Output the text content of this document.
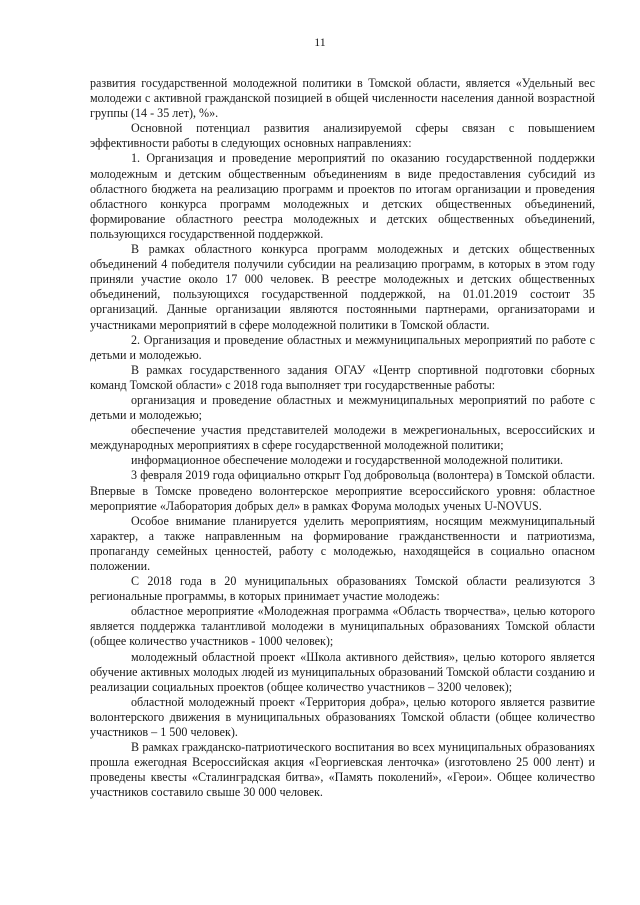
11

развития государственной молодежной политики в Томской области, является «Удельный вес молодежи с активной гражданской позицией в общей численности населения данной возрастной группы (14 - 35 лет), %».

Основной потенциал развития анализируемой сферы связан с повышением эффективности работы в следующих основных направлениях:

1. Организация и проведение мероприятий по оказанию государственной поддержки молодежным и детским общественным объединениям в виде предоставления субсидий из областного бюджета на реализацию программ и проектов по итогам организации и проведения областного конкурса программ молодежных и детских общественных объединений, формирование областного реестра молодежных и детских общественных объединений, пользующихся государственной поддержкой.

В рамках областного конкурса программ молодежных и детских общественных объединений 4 победителя получили субсидии на реализацию программ, в которых в этом году приняли участие около 17 000 человек. В реестре молодежных и детских общественных объединений, пользующихся государственной поддержкой, на 01.01.2019 состоит 35 организаций. Данные организации являются постоянными партнерами, организаторами и участниками мероприятий в сфере молодежной политики в Томской области.

2. Организация и проведение областных и межмуниципальных мероприятий по работе с детьми и молодежью.

В рамках государственного задания ОГАУ «Центр спортивной подготовки сборных команд Томской области» с 2018 года выполняет три государственные работы:

организация и проведение областных и межмуниципальных мероприятий по работе с детьми и молодежью;

обеспечение участия представителей молодежи в межрегиональных, всероссийских и международных мероприятиях в сфере государственной молодежной политики;

информационное обеспечение молодежи и государственной молодежной политики.

3 февраля 2019 года официально открыт Год добровольца (волонтера) в Томской области. Впервые в Томске проведено волонтерское мероприятие всероссийского уровня: областное мероприятие «Лаборатория добрых дел» в рамках Форума молодых ученых U-NOVUS.

Особое внимание планируется уделить мероприятиям, носящим межмуниципальный характер, а также направленным на формирование гражданственности и патриотизма, пропаганду семейных ценностей, работу с молодежью, находящейся в социально опасном положении.

С 2018 года в 20 муниципальных образованиях Томской области реализуются 3 региональные программы, в которых принимает участие молодежь:

областное мероприятие «Молодежная программа «Область творчества», целью которого является поддержка талантливой молодежи в муниципальных образованиях Томской области (общее количество участников - 1000 человек);

молодежный областной проект «Школа активного действия», целью которого является обучение активных молодых людей из муниципальных образований Томской области созданию и реализации социальных проектов (общее количество участников – 3200 человек);

областной молодежный проект «Территория добра», целью которого является развитие волонтерского движения в муниципальных образованиях Томской области (общее количество участников – 1 500 человек).

В рамках гражданско-патриотического воспитания во всех муниципальных образованиях прошла ежегодная Всероссийская акция «Георгиевская ленточка» (изготовлено 25 000 лент) и проведены квесты «Сталинградская битва», «Память поколений», «Герои». Общее количество участников составило свыше 30 000 человек.
